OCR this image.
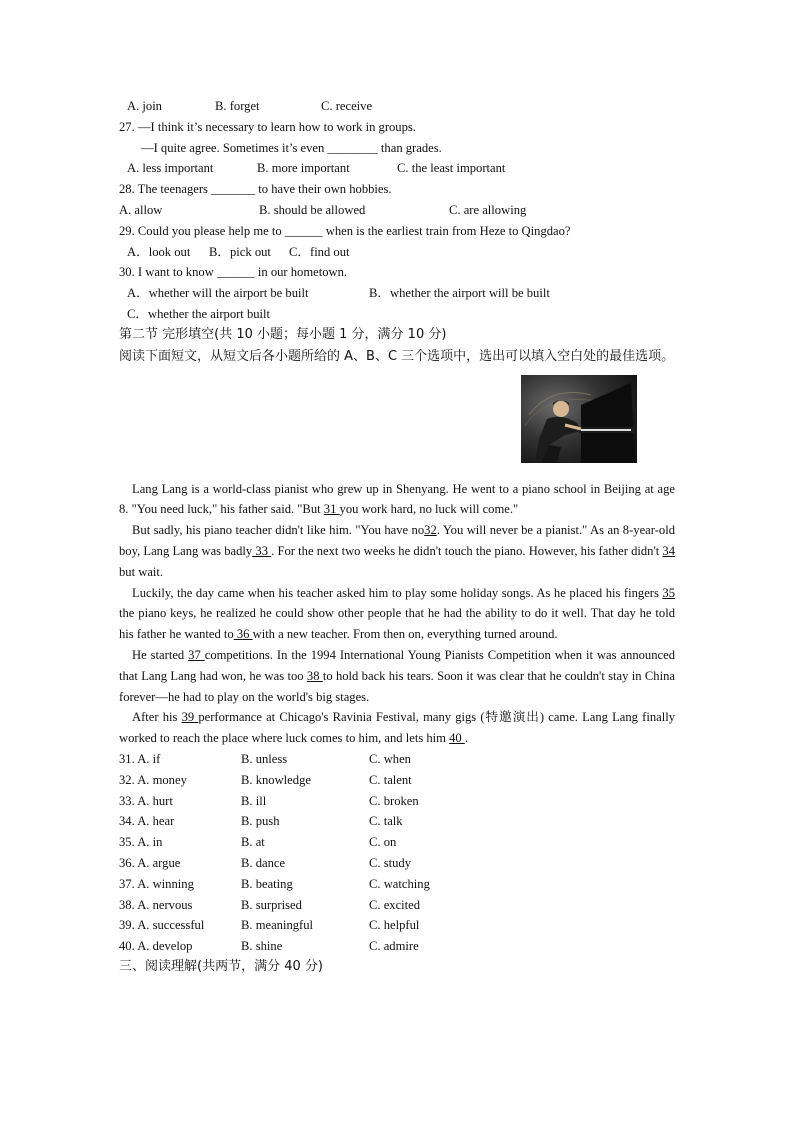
A. join	B. forget	C. receive
27. —I think it’s necessary to learn how to work in groups.
—I quite agree. Sometimes it’s even ________ than grades.
A. less important	B. more important	C. the least important
28. The teenagers _______ to have their own hobbies.
A. allow	B. should be allowed	C. are allowing
29. Could you please help me to ______ when is the earliest train from Heze to Qingdao?
A．look out	B．pick out	C．find out
30. I want to know ______ in our hometown.
A．whether will the airport be built	B．whether the airport will be built
C．whether the airport built
第二节 完形填空(共 10 小题；每小题 1 分，满分 10 分)
阅读下面短文，从短文后各小题所给的 A、B、C 三个选项中，选出可以填入空白处的最佳选项。
Lang Lang is a world-class pianist who grew up in Shenyang. He went to a piano school in Beijing at age 8. "You need luck," his father said. "But 31 you work hard, no luck will come."
But sadly, his piano teacher didn't like him. "You have no32. You will never be a pianist." As an 8-year-old boy, Lang Lang was badly 33 . For the next two weeks he didn't touch the piano. However, his father didn't 34 but wait.
Luckily, the day came when his teacher asked him to play some holiday songs. As he placed his fingers 35 the piano keys, he realized he could show other people that he had the ability to do it well. That day he told his father he wanted to 36 with a new teacher. From then on, everything turned around.
He started 37 competitions. In the 1994 International Young Pianists Competition when it was announced that Lang Lang had won, he was too 38 to hold back his tears. Soon it was clear that he couldn't stay in China forever—he had to play on the world's big stages.
After his 39 performance at Chicago's Ravinia Festival, many gigs (特邀演出) came. Lang Lang finally worked to reach the place where luck comes to him, and lets him 40 .
31. A. if	B. unless	C. when
32. A. money	B. knowledge	C. talent
33. A. hurt	B. ill	C. broken
34. A. hear	B. push	C. talk
35. A. in	B. at	C. on
36. A. argue	B. dance	C. study
37. A. winning	B. beating	C. watching
38. A. nervous	B. surprised	C. excited
39. A. successful	B. meaningful	C. helpful
40. A. develop	B. shine	C. admire
三、阅读理解(共两节，满分 40 分)
